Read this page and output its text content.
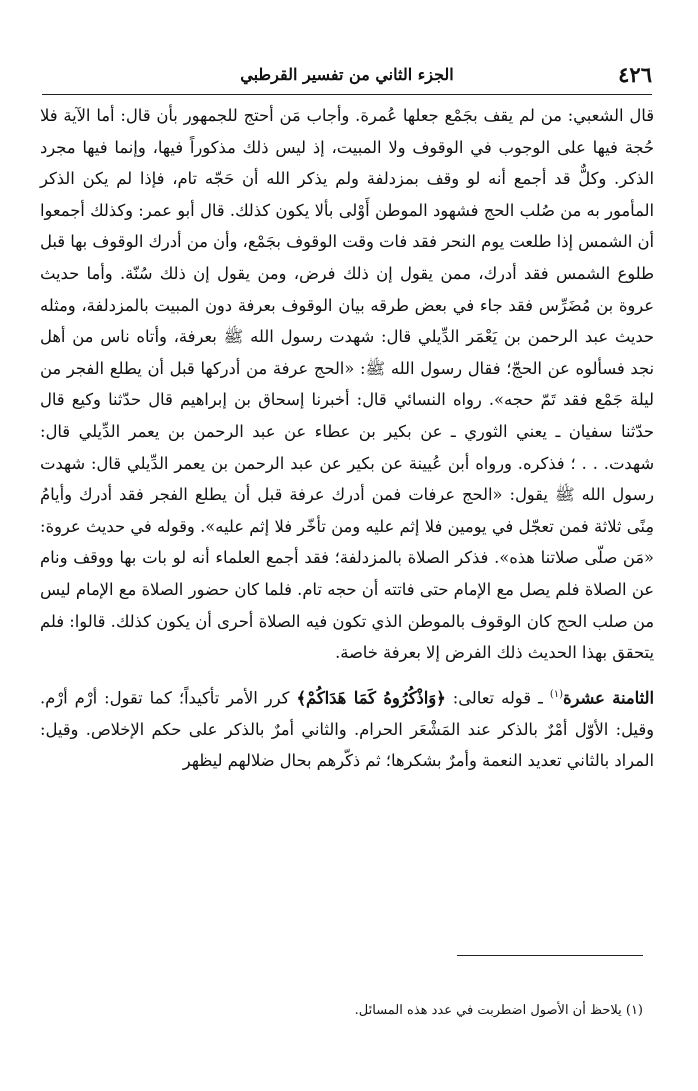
٤٢٦
الجزء الثاني من تفسير القرطبي

قال الشعبي: من لم يقف بجَمْع جعلها عُمرة. وأجاب مَن أحتج للجمهور بأن قال: أما الآية فلا حُجة فيها على الوجوب في الوقوف ولا المبيت، إذ ليس ذلك مذكوراً فيها، وإنما فيها مجرد الذكر. وكلٌّ قد أجمع أنه لو وقف بمزدلفة ولم يذكر الله أن حَجّه تام، فإذا لم يكن الذكر المأمور به من صُلب الحج فشهود الموطن أَوْلى بألا يكون كذلك. قال أبو عمر: وكذلك أجمعوا أن الشمس إذا طلعت يوم النحر فقد فات وقت الوقوف بجَمْع، وأن من أدرك الوقوف بها قبل طلوع الشمس فقد أدرك، ممن يقول إن ذلك فرض، ومن يقول إن ذلك سُنّة. وأما حديث عروة بن مُضَرِّس فقد جاء في بعض طرقه بيان الوقوف بعرفة دون المبيت بالمزدلفة، ومثله حديث عبد الرحمن بن يَعْمَر الدِّيلي قال: شهدت رسول الله ﷺ بعرفة، وأتاه ناس من أهل نجد فسألوه عن الحجّ؛ فقال رسول الله ﷺ: «الحج عرفة من أدركها قبل أن يطلع الفجر من ليلة جَمْع فقد تَمّ حجه». رواه النسائي قال: أخبرنا إسحاق بن إبراهيم قال حدّثنا وكيع قال حدّثنا سفيان ـ يعني الثوري ـ عن بكير بن عطاء عن عبد الرحمن بن يعمر الدِّيلي قال: شهدت. . . ؛ فذكره. ورواه أبن عُيينة عن بكير عن عبد الرحمن بن يعمر الدِّيلي قال: شهدت رسول الله ﷺ يقول: «الحج عرفات فمن أدرك عرفة قبل أن يطلع الفجر فقد أدرك وأيامُ مِنًى ثلاثة فمن تعجّل في يومين فلا إثم عليه ومن تأخّر فلا إثم عليه». وقوله في حديث عروة: «مَن صلّى صلاتنا هذه». فذكر الصلاة بالمزدلفة؛ فقد أجمع العلماء أنه لو بات بها ووقف ونام عن الصلاة فلم يصل مع الإمام حتى فاتته أن حجه تام. فلما كان حضور الصلاة مع الإمام ليس من صلب الحج كان الوقوف بالموطن الذي تكون فيه الصلاة أحرى أن يكون كذلك. قالوا: فلم يتحقق بهذا الحديث ذلك الفرض إلا بعرفة خاصة.

الثامنة عشرة$^{(١)}$ ـ قوله تعالى: ﴿وَاذْكُرُوهُ كَمَا هَدَاكُمْ﴾ كرر الأمر تأكيداً؛ كما تقول: أرْم أرْم. وقيل: الأوّل أمْرٌ بالذكر عند المَشْعَر الحرام. والثاني أمرٌ بالذكر على حكم الإخلاص. وقيل: المراد بالثاني تعديد النعمة وأمرٌ بشكرها؛ ثم ذكّرهم بحال ضلالهم ليظهر

(١) يلاحظ أن الأصول اضطربت في عدد هذه المسائل.
